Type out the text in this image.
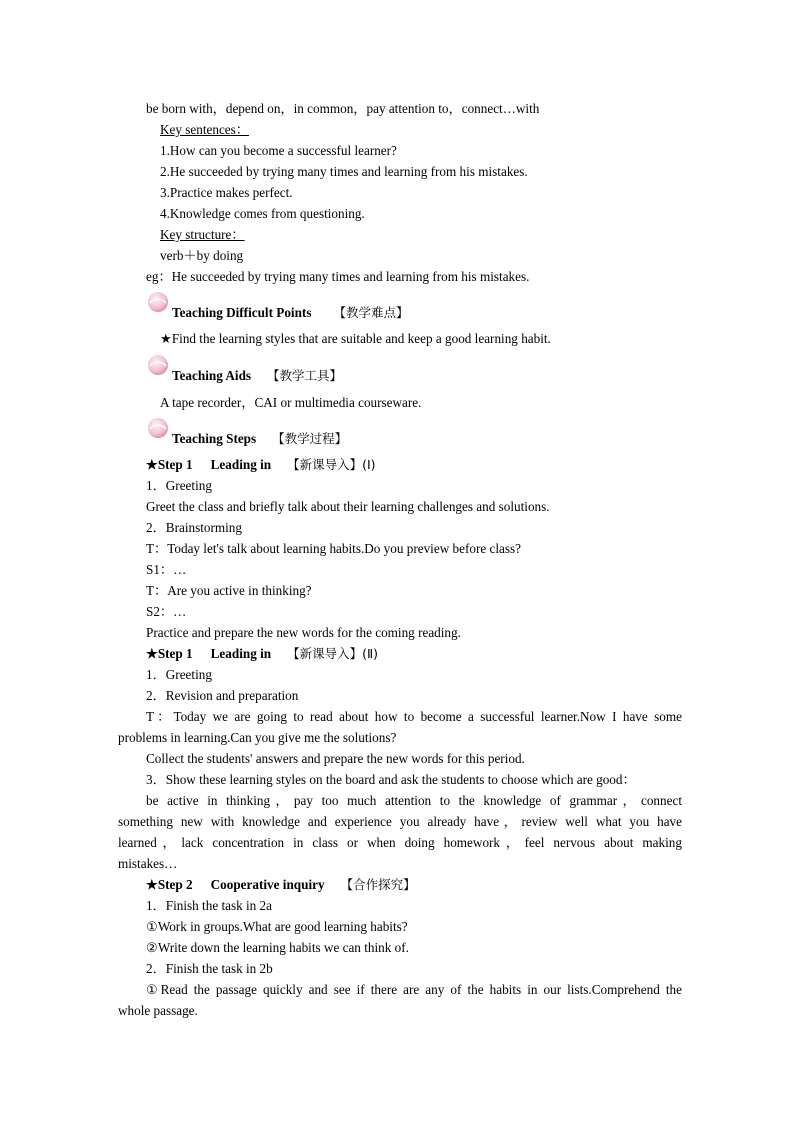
be born with，depend on，in common，pay attention to，connect…with
Key sentences：
1.How can you become a successful learner?
2.He succeeded by trying many times and learning from his mistakes.
3.Practice makes perfect.
4.Knowledge comes from questioning.
Key structure：
verb＋by doing
eg：He succeeded by trying many times and learning from his mistakes.
Teaching Difficult Points 【教学难点】
★Find the learning styles that are suitable and keep a good learning habit.
Teaching Aids 【教学工具】
A tape recorder，CAI or multimedia courseware.
Teaching Steps 【教学过程】
★Step 1 Leading in 【新课导入】(Ⅰ)
1．Greeting
Greet the class and briefly talk about their learning challenges and solutions.
2．Brainstorming
T：Today let's talk about learning habits.Do you preview before class?
S1：…
T：Are you active in thinking?
S2：…
Practice and prepare the new words for the coming reading.
★Step 1 Leading in 【新课导入】(Ⅱ)
1．Greeting
2．Revision and preparation
T：Today we are going to read about how to become a successful learner.Now I have some
problems in learning.Can you give me the solutions?
Collect the students' answers and prepare the new words for this period.
3．Show these learning styles on the board and ask the students to choose which are good：
be active in thinking，pay too much attention to the knowledge of grammar，connect
something new with knowledge and experience you already have，review well what you have
learned，lack concentration in class or when doing homework，feel nervous about making
mistakes…
★Step 2 Cooperative inquiry 【合作探究】
1．Finish the task in 2a
①Work in groups.What are good learning habits?
②Write down the learning habits we can think of.
2．Finish the task in 2b
①Read the passage quickly and see if there are any of the habits in our lists.Comprehend the
whole passage.
